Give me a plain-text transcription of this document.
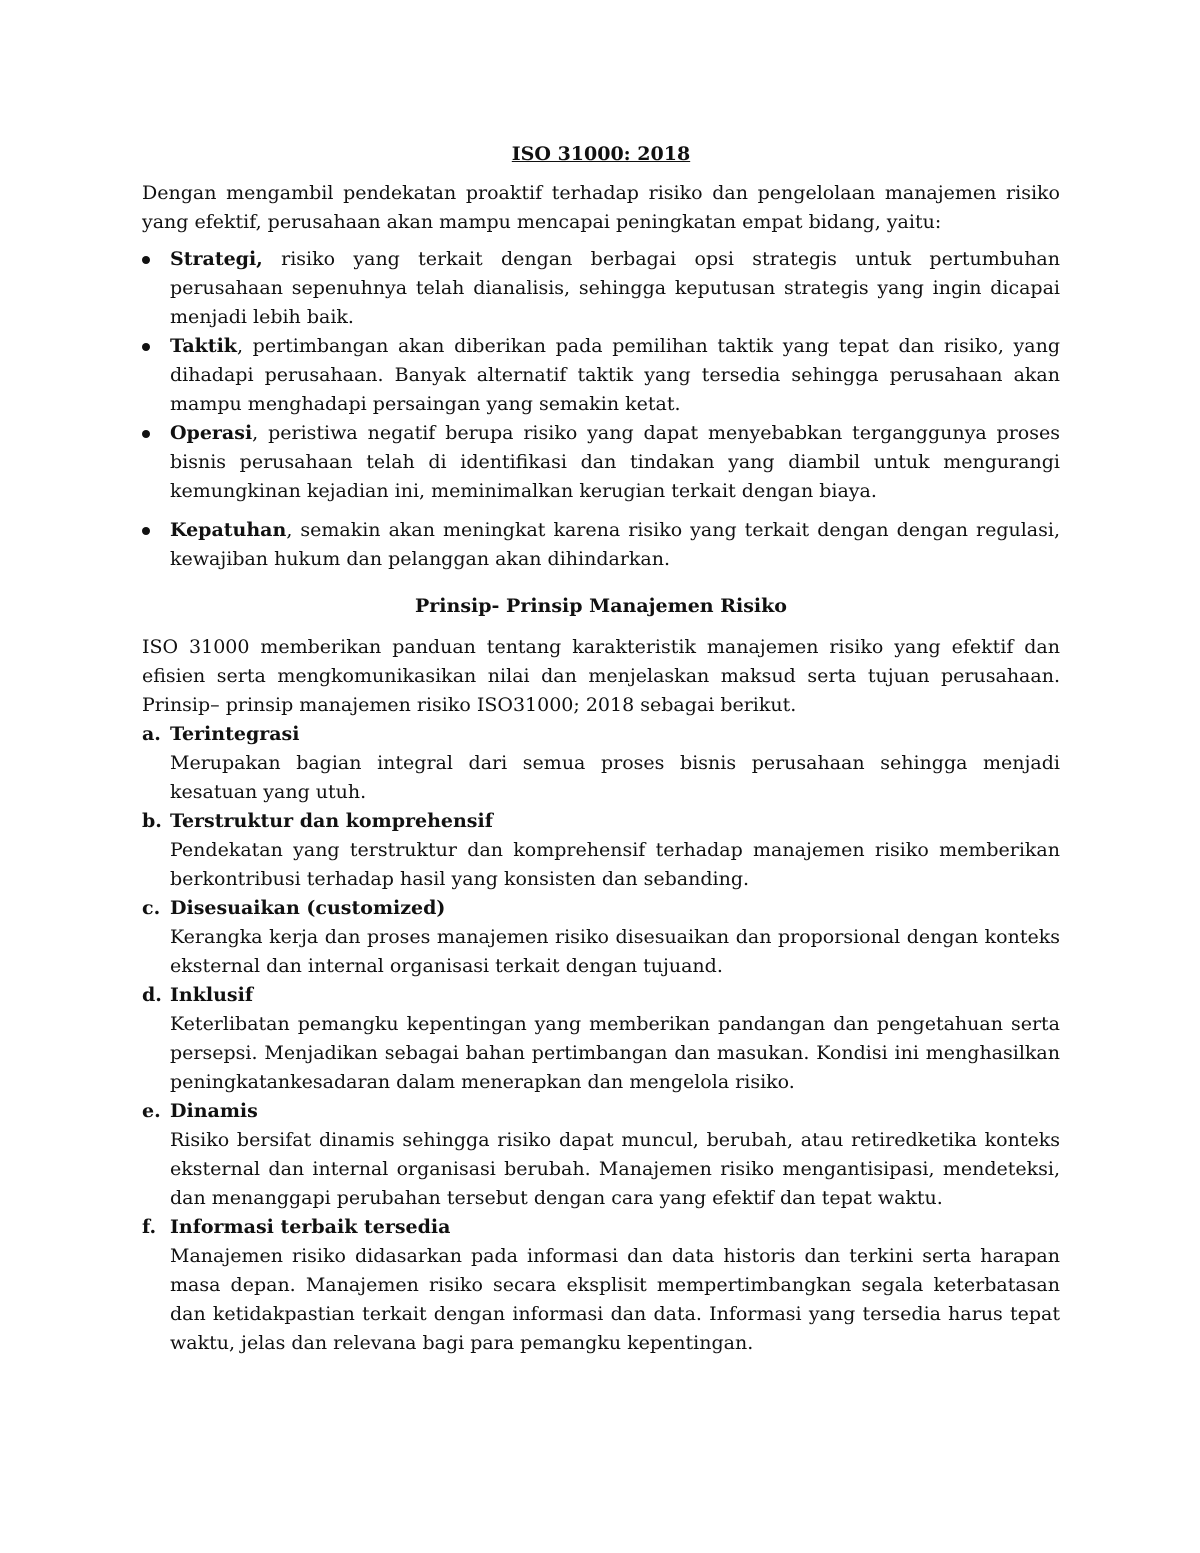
ISO 31000: 2018

Dengan mengambil pendekatan proaktif terhadap risiko dan pengelolaan manajemen risiko yang efektif, perusahaan akan mampu mencapai peningkatan empat bidang, yaitu:

Strategi, risiko yang terkait dengan berbagai opsi strategis untuk pertumbuhan perusahaan sepenuhnya telah dianalisis, sehingga keputusan strategis yang ingin dicapai menjadi lebih baik.
Taktik, pertimbangan akan diberikan pada pemilihan taktik yang tepat dan risiko, yang dihadapi perusahaan. Banyak alternatif taktik yang tersedia sehingga perusahaan akan mampu menghadapi persaingan yang semakin ketat.
Operasi, peristiwa negatif berupa risiko yang dapat menyebabkan terganggunya proses bisnis perusahaan telah di identifikasi dan tindakan yang diambil untuk mengurangi kemungkinan kejadian ini, meminimalkan kerugian terkait dengan biaya.
Kepatuhan, semakin akan meningkat karena risiko yang terkait dengan dengan regulasi, kewajiban hukum dan pelanggan akan dihindarkan.
Prinsip- Prinsip Manajemen Risiko

ISO 31000 memberikan panduan tentang karakteristik manajemen risiko yang efektif dan efisien serta mengkomunikasikan nilai dan menjelaskan maksud serta tujuan perusahaan. Prinsip– prinsip manajemen risiko ISO31000; 2018 sebagai berikut.

a. Terintegrasi
Merupakan bagian integral dari semua proses bisnis perusahaan sehingga menjadi kesatuan yang utuh.
b. Terstruktur dan komprehensif
Pendekatan yang terstruktur dan komprehensif terhadap manajemen risiko memberikan berkontribusi terhadap hasil yang konsisten dan sebanding.
c. Disesuaikan (customized)
Kerangka kerja dan proses manajemen risiko disesuaikan dan proporsional dengan konteks eksternal dan internal organisasi terkait dengan tujuand.
d. Inklusif
Keterlibatan pemangku kepentingan yang memberikan pandangan dan pengetahuan serta persepsi. Menjadikan sebagai bahan pertimbangan dan masukan. Kondisi ini menghasilkan peningkatankesadaran dalam menerapkan dan mengelola risiko.
e. Dinamis
Risiko bersifat dinamis sehingga risiko dapat muncul, berubah, atau retiredketika konteks eksternal dan internal organisasi berubah. Manajemen risiko mengantisipasi, mendeteksi, dan menanggapi perubahan tersebut dengan cara yang efektif dan tepat waktu.
f. Informasi terbaik tersedia
Manajemen risiko didasarkan pada informasi dan data historis dan terkini serta harapan masa depan. Manajemen risiko secara eksplisit mempertimbangkan segala keterbatasan dan ketidakpastian terkait dengan informasi dan data. Informasi yang tersedia harus tepat waktu, jelas dan relevana bagi para pemangku kepentingan.
